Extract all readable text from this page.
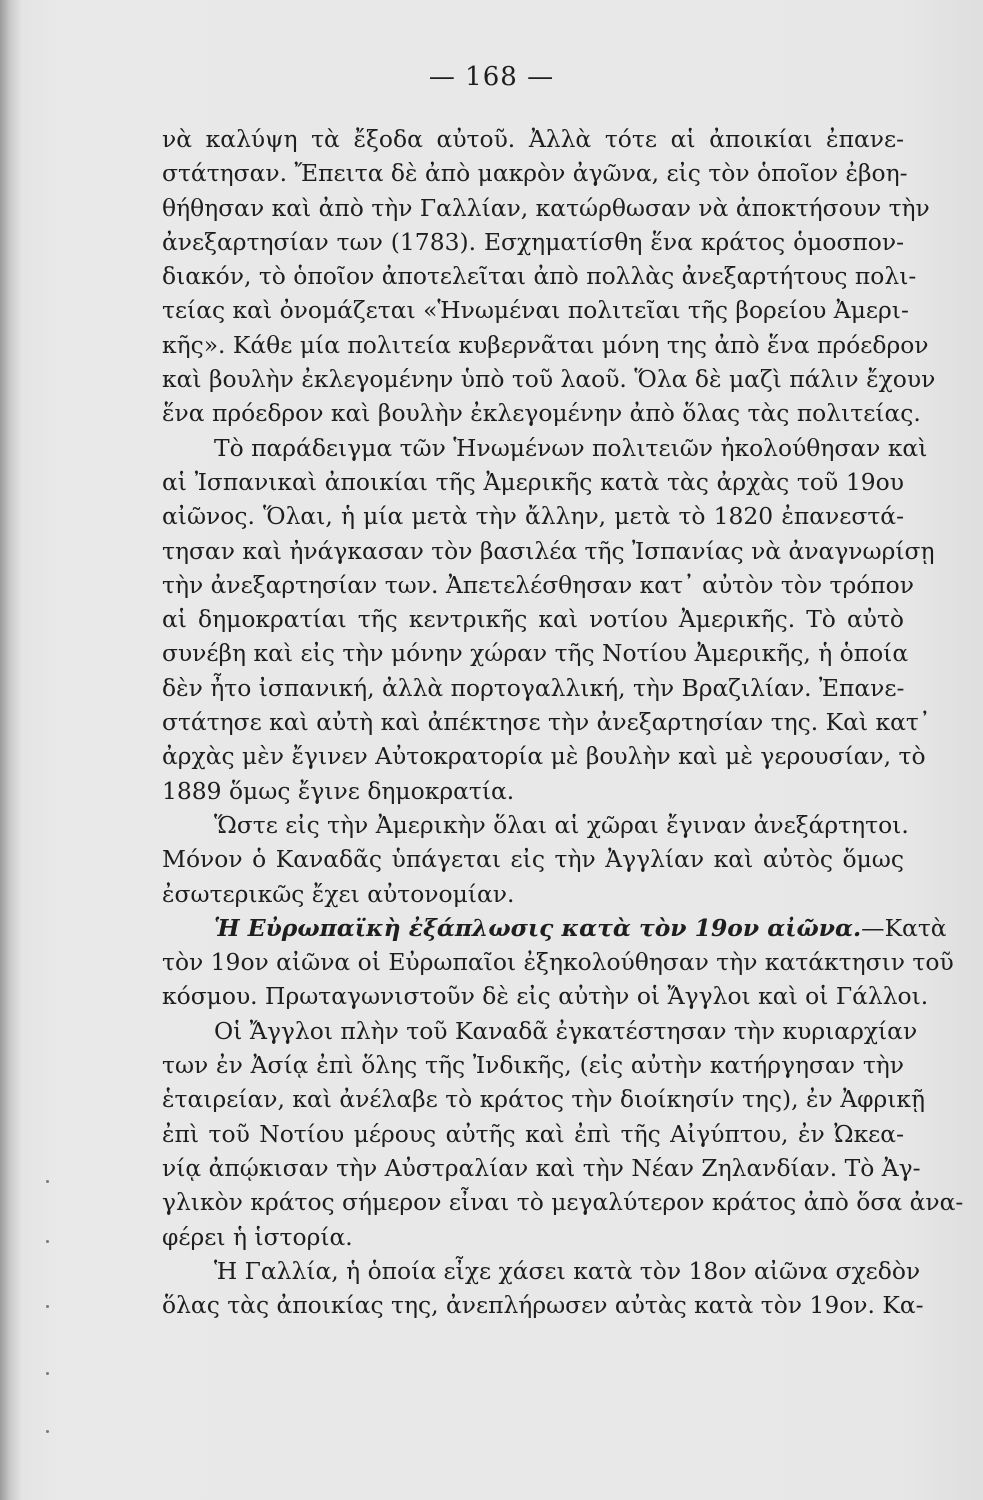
— 168 —
νὰ καλύψη τὰ ἔξοδα αὐτοῦ. Ἀλλὰ τότε αἱ ἀποικίαι ἐπανε-
στάτησαν. Ἔπειτα δὲ ἀπὸ μακρὸν ἀγῶνα, εἰς τὸν ὁποῖον ἐβοη-
θήθησαν καὶ ἀπὸ τὴν Γαλλίαν, κατώρθωσαν νὰ ἀποκτήσουν τὴν
ἀνεξαρτησίαν των (1783). Εσχηματίσθη ἕνα κράτος ὁμοσπον-
διακόν, τὸ ὁποῖον ἀποτελεῖται ἀπὸ πολλὰς ἀνεξαρτήτους πολι-
τείας καὶ ὀνομάζεται «Ἡνωμέναι πολιτεῖαι τῆς βορείου Ἀμερι-
κῆς». Κάθε μία πολιτεία κυβερνᾶται μόνη της ἀπὸ ἕνα πρόεδρον
καὶ βουλὴν ἐκλεγομένην ὑπὸ τοῦ λαοῦ. Ὅλα δὲ μαζὶ πάλιν ἔχουν
ἕνα πρόεδρον καὶ βουλὴν ἐκλεγομένην ἀπὸ ὅλας τὰς πολιτείας.
Τὸ παράδειγμα τῶν Ἡνωμένων πολιτειῶν ἠκολούθησαν καὶ
αἱ Ἰσπανικαὶ ἀποικίαι τῆς Ἀμερικῆς κατὰ τὰς ἀρχὰς τοῦ 19ου
αἰῶνος. Ὅλαι, ἡ μία μετὰ τὴν ἄλλην, μετὰ τὸ 1820 ἐπανεστά-
τησαν καὶ ἠνάγκασαν τὸν βασιλέα τῆς Ἰσπανίας νὰ ἀναγνωρίσῃ
τὴν ἀνεξαρτησίαν των. Ἀπετελέσθησαν κατ᾽ αὐτὸν τὸν τρόπον
αἱ δημοκρατίαι τῆς κεντρικῆς καὶ νοτίου Ἀμερικῆς. Τὸ αὐτὸ
συνέβη καὶ εἰς τὴν μόνην χώραν τῆς Νοτίου Ἀμερικῆς, ἡ ὁποία
δὲν ἦτο ἰσπανική, ἀλλὰ πορτογαλλική, τὴν Βραζιλίαν. Ἐπανε-
στάτησε καὶ αὐτὴ καὶ ἀπέκτησε τὴν ἀνεξαρτησίαν της. Καὶ κατ᾽
ἀρχὰς μὲν ἔγινεν Αὐτοκρατορία μὲ βουλὴν καὶ μὲ γερουσίαν, τὸ
1889 ὅμως ἔγινε δημοκρατία.
Ὥστε εἰς τὴν Ἀμερικὴν ὅλαι αἱ χῶραι ἔγιναν ἀνεξάρτητοι.
Μόνον ὁ Καναδᾶς ὑπάγεται εἰς τὴν Ἀγγλίαν καὶ αὐτὸς ὅμως
ἐσωτερικῶς ἔχει αὐτονομίαν.
Ἡ Εὐρωπαϊκὴ ἐξάπλωσις κατὰ τὸν 19ον αἰῶνα.—Κατὰ
τὸν 19ον αἰῶνα οἱ Εὐρωπαῖοι ἐξηκολούθησαν τὴν κατάκτησιν τοῦ
κόσμου. Πρωταγωνιστοῦν δὲ εἰς αὐτὴν οἱ Ἄγγλοι καὶ οἱ Γάλλοι.
Οἱ Ἄγγλοι πλὴν τοῦ Καναδᾶ ἐγκατέστησαν τὴν κυριαρχίαν
των ἐν Ἀσίᾳ ἐπὶ ὅλης τῆς Ἰνδικῆς, (εἰς αὐτὴν κατήργησαν τὴν
ἑταιρείαν, καὶ ἀνέλαβε τὸ κράτος τὴν διοίκησίν της), ἐν Ἀφρικῇ
ἐπὶ τοῦ Νοτίου μέρους αὐτῆς καὶ ἐπὶ τῆς Αἰγύπτου, ἐν Ὠκεα-
νίᾳ ἀπῴκισαν τὴν Αὐστραλίαν καὶ τὴν Νέαν Ζηλανδίαν. Τὸ Ἀγ-
γλικὸν κράτος σήμερον εἶναι τὸ μεγαλύτερον κράτος ἀπὸ ὅσα ἀνα-
φέρει ἡ ἱστορία.
Ἡ Γαλλία, ἡ ὁποία εἶχε χάσει κατὰ τὸν 18ον αἰῶνα σχεδὸν
ὅλας τὰς ἀποικίας της, ἀνεπλήρωσεν αὐτὰς κατὰ τὸν 19ον. Κα-
